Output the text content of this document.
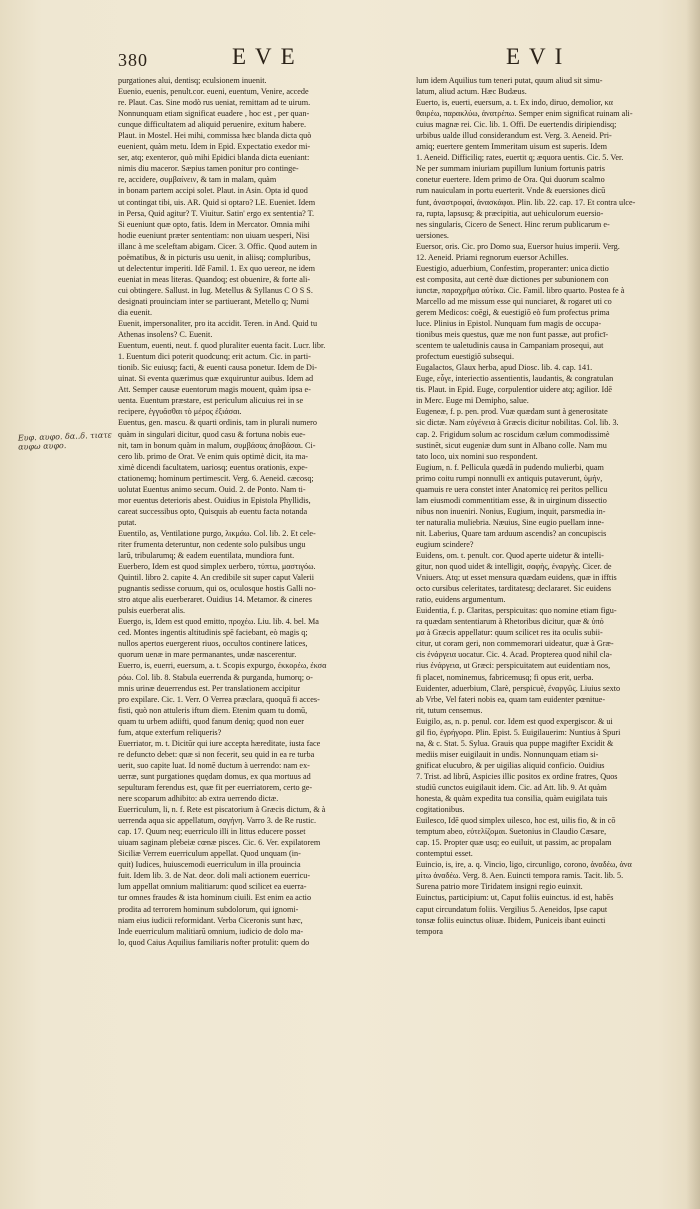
380	EVE	EVI
Ευφ. αυφο. δα..δ. τιατε αυφω αυφο.
purgationes alui, dentisq; eculsionem inuenit.
Euenio, euenis, penult.cor. eueni, euentum, Venire, accede
re. Plaut. Cas. Sine modò rus ueniat, remittam ad te uirum.
Nonnunquam etiam significat euadere , hoc est , per quan-
cunque difficultatem ad aliquid peruenire, exitum habere.
Plaut. in Mostel. Hei mihi, commissa hæc blanda dicta quò
euenient, quàm metu. Idem in Epid. Expectatio exedor mi-
ser, atq; exenteror, quò mihi Epidici blanda dicta eueniant:
nimis diu maceror. Sæpius tamen ponitur pro continge-
re, accidere, συμβαίνειν, & tam in malam, quàm
in bonam partem accipi solet. Plaut. in Asin. Opta id quod
ut contingat tibi, uis. AR. Quid si optaro? LE. Eueniet. Idem
in Persa, Quid agitur? T. Viuitur. Satin' ergo ex sententia? T.
Si eueniunt quæ opto, fatis. Idem in Mercator. Omnia mihi
hodie eueniunt præter sententiam: non uiuam uesperi, Nisi
illanc à me sceleftam abigam. Cicer. 3. Offic. Quod autem in
poëmatibus, & in picturis usu uenit, in aliisq; compluribus,
ut delectentur imperiti. Idē Famil. 1. Ex quo uereor, ne idem
eueniat in meas literas. Quandoq; est obuenire, & forte ali-
cui obtingere. Sallust. in Iug. Metellus & Syllanus C O S S.
designati prouinciam inter se partiuerant, Metello q; Numi
dia euenit.
Euenit, impersonaliter, pro ita accidit. Teren. in And. Quid tu
Athenas insolens? C. Euenit.
Euentum, euenti, neut. f. quod pluraliter euenta facit. Lucr. libr.
1. Euentum dici poterit quodcunq; erit actum. Cic. in parti-
tionib. Sic euiusq; facti, & euenti causa ponetur. Idem de Di-
uinat. Si eventa quærimus quæ exquiruntur auibus. Idem ad
Att. Semper causæ euentorum magis mouent, quàm ipsa e-
uenta. Euentum præstare, est periculum alicuius rei in se
recipere, ἐγγυᾶσθαι τὸ μέρος ἐξιάσαι.
Euentus, gen. mascu. & quarti ordinis, tam in plurali numero
quàm in singulari dicitur, quod casu & fortuna nobis eue-
nit, tam in bonum quàm in malum, συμβάσας ἀποβάσαι. Ci-
cero lib. primo de Orat. Ve enim quis optimè dicit, ita ma-
ximè dicendi facultatem, uariosq; euentus orationis, expe-
ctationemq; hominum pertimescit. Verg. 6. Aeneid. cæcosq;
uolutat Euentus animo secum. Ouid. 2. de Ponto. Nam ti-
mor euentus deterioris abest. Ouidius in Epistola Phyllidis,
careat successibus opto, Quisquis ab euentu facta notanda
putat.
Euentilo, as, Ventilatione purgo, λικμάω. Col. lib. 2. Et cele-
riter frumenta deteruntur, non cedente solo pulsibus ungu
larū, tribularumq; & eadem euentilata, mundiora funt.
Euerbero, Idem est quod simplex uerbero, τύπτω, μαστιγόω.
Quintil. libro 2. capite 4. An credibile sit super caput Valerii
pugnantis sedisse coruum, qui os, oculosque hostis Galli no-
stro atque alis euerberaret. Ouidius 14. Metamor. & cineres
pulsis euerberat alis.
Euergo, is, Idem est quod emitto, προχέω. Liu. lib. 4. bel. Ma
ced. Montes ingentis altitudinis spē faciebant, eò magis q;
nullos apertos euergerent riuos, occultos continere latices,
quorum uenæ in mare permanantes, undæ nascerentur.
Euerro, is, euerri, euersum, a. t. Scopis expurgo, ἐκκορέω, ἐκσα
ρόω. Col. lib. 8. Stabula euerrenda & purganda, humorq; o-
mnis urinæ deuerrendus est. Per translationem accipitur
pro expilare. Cic. 1. Verr. O Verrea præclara, quoquā fi acces-
fisti, quò non attuleris iftum diem. Etenim quam tu domū,
quam tu urbem adiifti, quod fanum deniq; quod non euer
fum, atque exterfum reliqueris?
Euerriator, m. t. Dicitūr qui iure accepta hæreditate, iusta face
re defuncto debet: quæ si non fecerit, seu quid in ea re turba
uerit, suo capite luat. Id nomē ductum à uerrendo: nam ex-
uerræ, sunt purgationes quędam domus, ex qua mortuus ad
sepulturam ferendus est, quæ fit per euerriatorem, certo ge-
nere scoparum adhibito: ab extra uerrendo dictæ.
Euerriculum, li, n. f. Rete est piscatorium à Græcis dictum, & à
uerrenda aqua sic appellatum, σαγήνη. Varro 3. de Re rustic.
cap. 17. Quum neq; euerriculo illi in littus educere posset
uiuam saginam plebeiæ cœnæ pisces. Cic. 6. Ver. expilatorem
Siciliæ Verrem euerriculum appellat. Quod unquam (in-
quit) Iudices, huiuscemodi euerriculum in illa prouincia
fuit. Idem lib. 3. de Nat. deor. doli mali actionem euerricu-
lum appellat omnium malitiarum: quod scilicet ea euerra-
tur omnes fraudes & ista hominum ciuili. Est enim ea actio
prodita ad terrorem hominum subdolorum, qui ignomi-
niam eius iudicii reformidant. Verba Ciceronis sunt hæc,
Inde euerriculum malitiarū omnium, iudicio de dolo ma-
lo, quod Caius Aquilius familiaris nofter protulit: quem do
lum idem Aquilius tum teneri putat, quum aliud sit simu-
latum, aliud actum. Hæc Budæus.
Euerto, is, euerti, euersum, a. t. Ex indo, diruo, demolior, κα
θαιρέω, παρακλύω, ἀνατρέπω. Semper enim significat ruinam ali-
cuius magnæ rei. Cic. lib. 1. Offi. De euertendis diripiendisq;
urbibus ualde illud considerandum est. Verg. 3. Aeneid. Pri-
amiq; euertere gentem Immeritam uisum est superis. Idem
1. Aeneid. Difficiliq; rates, euertit q; æquora uentis. Cic. 5. Ver.
Ne per summam iniuriam pupillum Iunium fortunis patris
conetur euertere. Idem primo de Ora. Qui duorum scalmo
rum nauiculam in portu euerterit. Vnde & euersiones dicū
funt, ἀναστροφαί, ἀνασκάφαι. Plin. lib. 22. cap. 17. Et contra ulce-
ra, rupta, lapsusq; & præcipitia, aut uehiculorum euersio-
nes singularis, Cicero de Senect. Hinc rerum publicarum e-
uersiones.
Euersor, oris. Cic. pro Domo sua, Euersor huius imperii. Verg.
12. Aeneid. Priami regnorum euersor Achilles.
Euestigio, aduerbium, Confestim, properanter: unica dictio
est composita, aut certè duæ dictiones per subunionem con
iunctæ, παραχρῆμα αὐτίκα. Cic. Famil. libro quarto. Postea fe à
Marcello ad me missum esse qui nunciaret, & rogaret uti co
gerem Medicos: coēgi, & euestigiō eò fum profectus prima
luce. Plinius in Epistol. Nunquam fum magis de occupa-
tionibus meis questus, quæ me non funt passæ, aut proficī-
scentem te ualetudinis causa in Campaniam prosequi, aut
profectum euestigiō subsequi.
Eugalactos, Glaux herba, apud Diosc. lib. 4. cap. 141.
Euge, εὖγε, interiectio assentientis, laudantis, & congratulan
tis. Plaut. in Epid. Euge, corpulentior uidere atq; agilior. Idē
in Merc. Euge mi Demipho, salue.
Eugeneæ, f. p. pen. prod. Vuæ quædam sunt à generositate
sic dictæ. Nam εὐγένεια à Græcis dicitur nobilitas. Col. lib. 3.
cap. 2. Frigidum solum ac roscidum cælum commodissimè
sustinēt, sicut eugeniæ dum sunt in Albano colle. Nam mu
tato loco, uix nomini suo respondent.
Eugium, n. f. Pellicula quædā in pudendo mulierbi, quam
primo coitu rumpi nonnulli ex antiquis putaverunt, ὑμήν,
quamuis re uera constet inter Anatomicę rei peritos pellicu
lam eiusmodi commentitiam esse, & in uirginum dissectio
nibus non inueniri. Nonius, Eugium, inquit, parsmedia in-
ter naturalia muliebria. Næuius, Sine eugio puellam inne-
nit. Laberius, Quare tam arduum ascendis? an concupiscis
eugium scindere?
Euidens, om. t. penult. cor. Quod aperte uidetur & intelli-
gitur, non quod uidet & intelligit, σαφὴς, ἐναργὴς. Cicer. de
Vniuers. Atq; ut esset mensura quædam euidens, quæ in ifftis
octo cursibus celeritates, tarditatesq; declararet. Sic euidens
ratio, euidens argumentum.
Euidentia, f. p. Claritas, perspicuitas: quo nomine etiam figu-
ra quædam sententiarum à Rhetoribus dicitur, quæ & ὑπό
μα à Græcis appellatur: quum scilicet res ita oculis subii-
citur, ut coram geri, non commemorari uideatur, quæ à Græ-
cis ἐνάργεια uocatur. Cic. 4. Acad. Propterea quod nihil cla-
rius ἐνάργεια, ut Græci: perspicuitatem aut euidentiam nos,
fi placet, nominemus, fabricemusq; fi opus erit, uerba.
Euidenter, aduerbium, Clarè, perspicuè, ἐναργῶς. Liuius sexto
ab Vrbe, Vel fateri nobis ea, quam tam euidenter pœnitue-
rit, tutum censemus.
Euigilo, as, n. p. penul. cor. Idem est quod expergiscor. & ui
gil fio, ἐγρήγορα. Plin. Epist. 5. Euigilauerim: Nuntius à Spuri
na, & c. Stat. 5. Sylua. Grauis qua puppe magifter Excidit &
mediis miser euigilauit in undis. Nonnunquam etiam si-
gnificat elucubro, & per uigilias aliquid conficio. Ouidius
7. Trist. ad librū, Aspicies illic positos ex ordine fratres, Quos
studiū cunctos euigilauit idem. Cic. ad Att. lib. 9. At quàm
honesta, & quàm expedita tua consilia, quàm euigilata tuis
cogitationibus.
Euilesco, Idē quod simplex uilesco, hoc est, uilis fio, & in cō
temptum abeo, εὐτελίζομαι. Suetonius in Claudio Cæsare,
cap. 15. Propter quæ usq; eo euiluit, ut passim, ac propalam
contemptui esset.
Euincio, is, ire, a. q. Vincio, ligo, circunligo, corono, ἀναδέω, ἀνα
μίτω ἀναδέω. Verg. 8. Aen. Euincti tempora ramis. Tacit. lib. 5.
Surena patrio more Tiridatem insigni regio euinxit.
Euinctus, participium: ut, Caput foliis euinctus. id est, habēs
caput circundatum foliis. Vergilius 5. Aeneidos, Ipse caput
tonsæ foliis euinctus oliuæ. Ibidem, Puniceis ibant euincti
tempora
